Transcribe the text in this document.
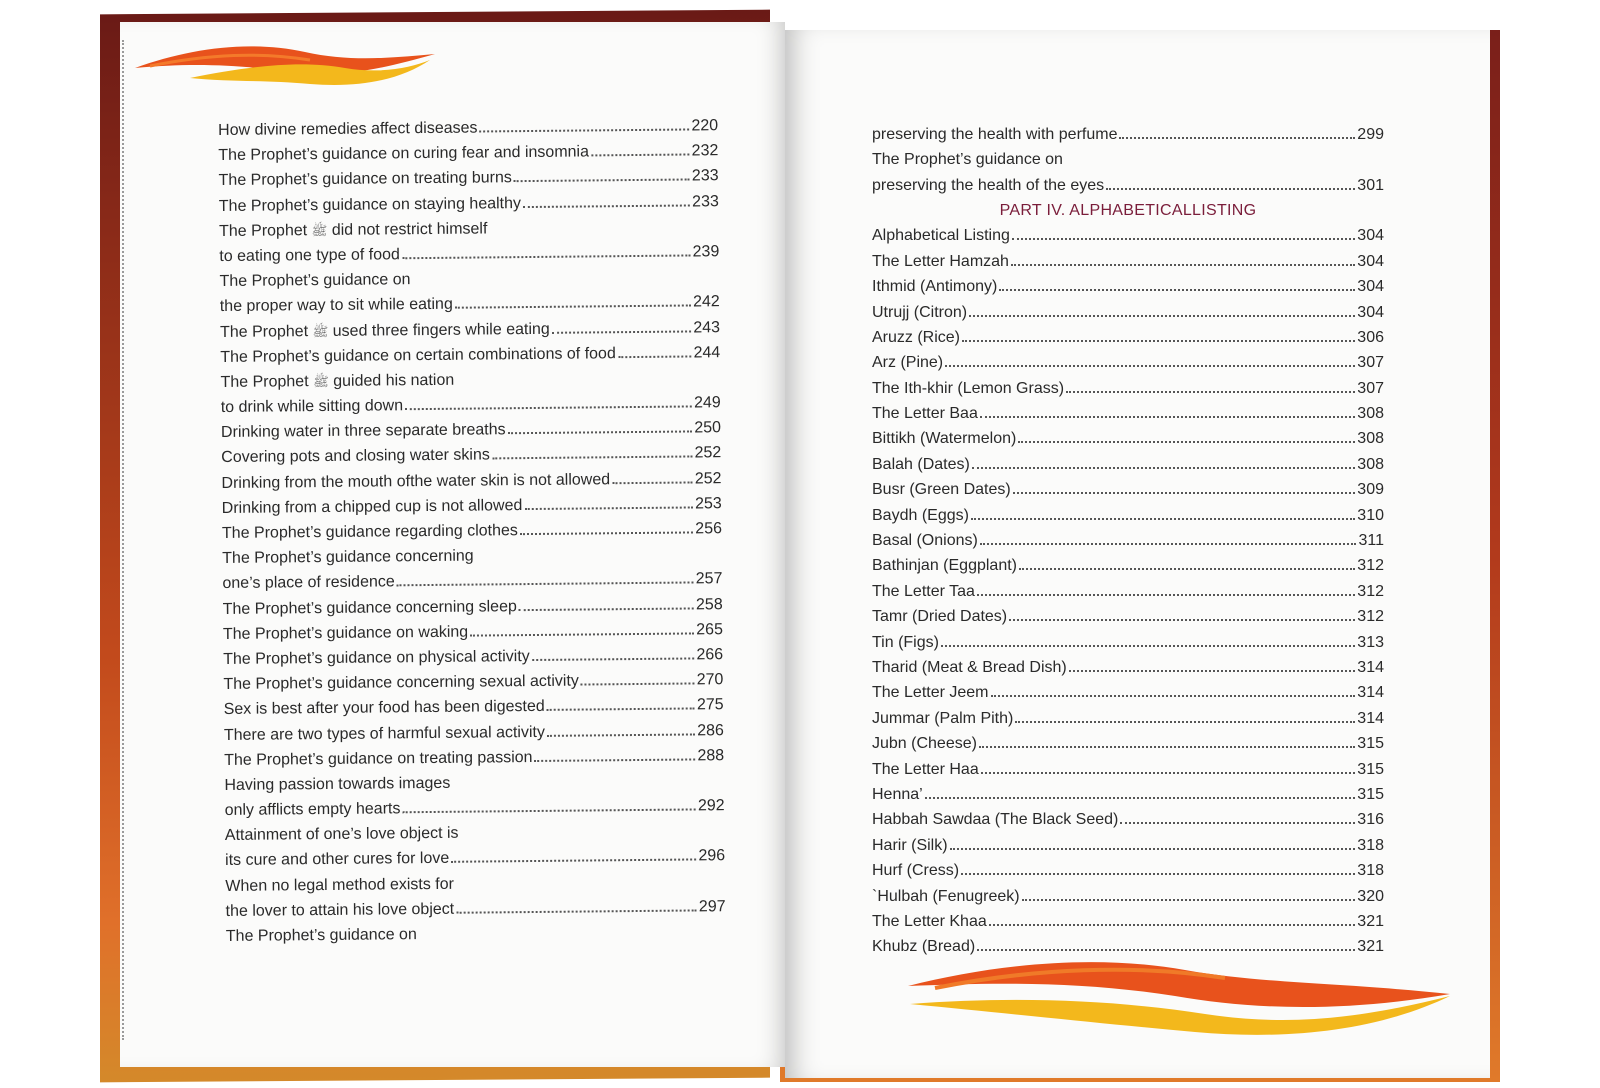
How divine remedies affect diseases	220
The Prophet’s guidance on curing fear and insomnia	232
The Prophet’s guidance on treating burns	233
The Prophet’s guidance on staying healthy	233
The Prophet
ﷺ
did not restrict himself
to eating one type of food	239
The Prophet’s guidance on
the proper way to sit while eating	242
The Prophet
ﷺ
used three fingers while eating	243
The Prophet’s guidance on certain combinations of food	244
The Prophet
ﷺ
guided his nation
to drink while sitting down	249
Drinking water in three separate breaths	250
Covering pots and closing water skins	252
Drinking from the mouth ofthe water skin is not allowed	252
Drinking from a chipped cup is not allowed	253
The Prophet’s guidance regarding clothes	256
The Prophet’s guidance concerning
one’s place of residence	257
The Prophet’s guidance concerning sleep	258
The Prophet’s guidance on waking	265
The Prophet’s guidance on physical activity	266
The Prophet’s guidance concerning sexual activity	270
Sex is best after your food has been digested	275
There are two types of harmful sexual activity	286
The Prophet’s guidance on treating passion	288
Having passion towards images
only afflicts empty hearts	292
Attainment of one’s love object is
its cure and other cures for love	296
When no legal method exists for
the lover to attain his love object	297
The Prophet’s guidance on
preserving the health with perfume	299
The Prophet’s guidance on
preserving the health of the eyes	301
PART IV. ALPHABETICALLISTING
Alphabetical Listing	304
The Letter Hamzah	304
Ithmid (Antimony)	304
Utrujj (Citron)	304
Aruzz (Rice)	306
Arz (Pine)	307
The Ith-khir (Lemon Grass)	307
The Letter Baa	308
Bittikh (Watermelon)	308
Balah (Dates)	308
Busr (Green Dates)	309
Baydh (Eggs)	310
Basal (Onions)	311
Bathinjan (Eggplant)	312
The Letter Taa	312
Tamr (Dried Dates)	312
Tin (Figs)	313
Tharid (Meat & Bread Dish)	314
The Letter Jeem	314
Jummar (Palm Pith)	314
Jubn (Cheese)	315
The Letter Haa	315
Henna’	315
Habbah Sawdaa (The Black Seed)	316
Harir (Silk)	318
Hurf (Cress)	318
`Hulbah (Fenugreek)	320
The Letter Khaa	321
Khubz (Bread)	321
